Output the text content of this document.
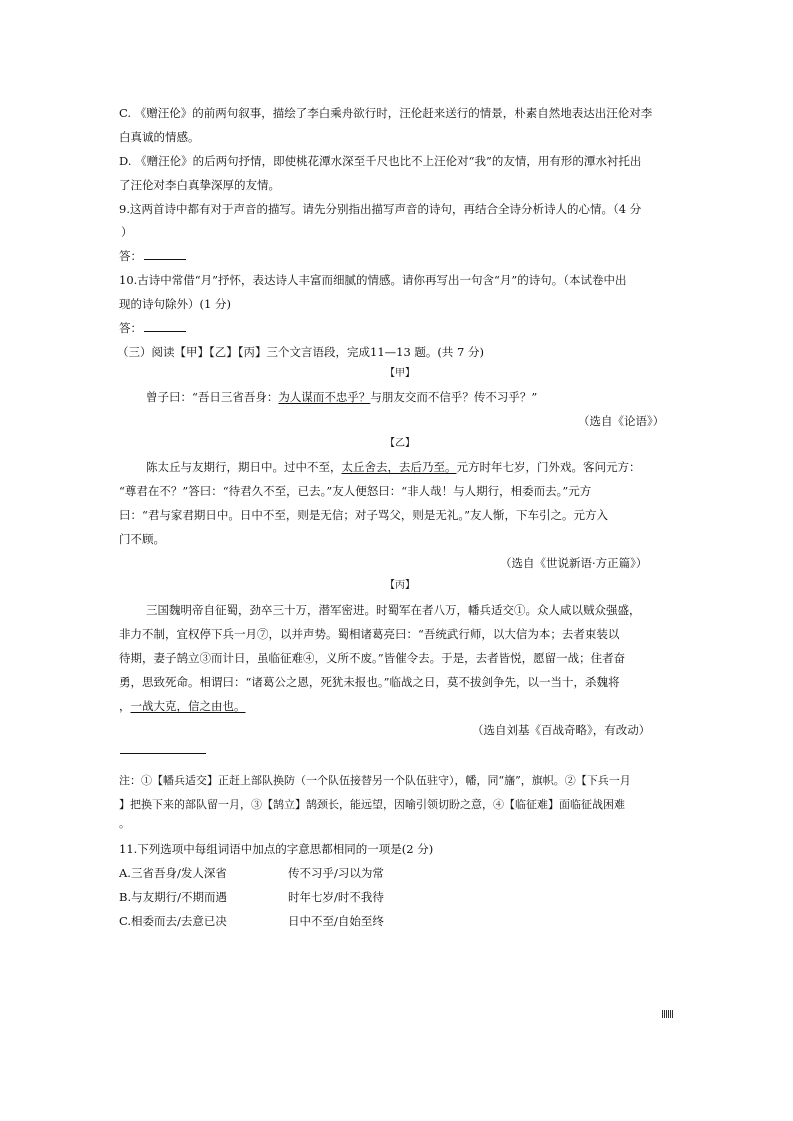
C. 《赠汪伦》的前两句叙事，描绘了李白乘舟欲行时，汪伦赶来送行的情景，朴素自然地表达出汪伦对李
白真诚的情感。
D. 《赠汪伦》的后两句抒情，即使桃花潭水深至千尺也比不上汪伦对“我”的友情，用有形的潭水衬托出
了汪伦对李白真挚深厚的友情。
9.这两首诗中都有对于声音的描写。请先分别指出描写声音的诗句，再结合全诗分析诗人的心情。（4 分
）
答：
10.古诗中常借“月”抒怀，表达诗人丰富而细腻的情感。请你再写出一句含“月”的诗句。（本试卷中出
现的诗句除外）(1 分)
答：
（三）阅读【甲】【乙】【丙】三个文言语段，完成11—13 题。(共 7 分)
【甲】
曾子曰：“吾日三省吾身：为人谋而不忠乎？与朋友交而不信乎？传不习乎？”
（选自《论语》）
【乙】
陈太丘与友期行，期日中。过中不至，太丘舍去，去后乃至。元方时年七岁，门外戏。客问元方：
“尊君在不？”答曰：“待君久不至，已去。”友人便怒曰：“非人哉！与人期行，相委而去。”元方
曰：“君与家君期日中。日中不至，则是无信；对子骂父，则是无礼。”友人惭，下车引之。元方入
门不顾。
（选自《世说新语·方正篇》）
【丙】
三国魏明帝自征蜀，劲卒三十万，潜军密进。时蜀军在者八万，幡兵适交①。众人咸以贼众强盛，
非力不制，宜权停下兵一月⑦，以并声势。蜀相诸葛亮曰：“吾统武行师，以大信为本；去者束装以
待期，妻子鹄立③而计日，虽临征难④，义所不废。”皆催令去。于是，去者皆悦，愿留一战；住者奋
勇，思致死命。相谓曰：“诸葛公之恩，死犹未报也。”临战之日，莫不拔剑争先，以一当十，杀魏将
，一战大克，信之由也。
（选自刘基《百战奇略》，有改动）
注：①【幡兵适交】正赶上部队换防（一个队伍接替另一个队伍驻守），幡，同“旛”，旗帜。②【下兵一月
】把换下来的部队留一月，③【鹄立】鹄颈长，能远望，因喻引领切盼之意，④【临征难】面临征战困难
。
11.下列选项中每组词语中加点的字意思都相同的一项是(2 分)
A.三省吾身/发人深省	传不习乎/习以为常
B.与友期行/不期而遇	时年七岁/时不我待
C.相委而去/去意已决	日中不至/自始至终
